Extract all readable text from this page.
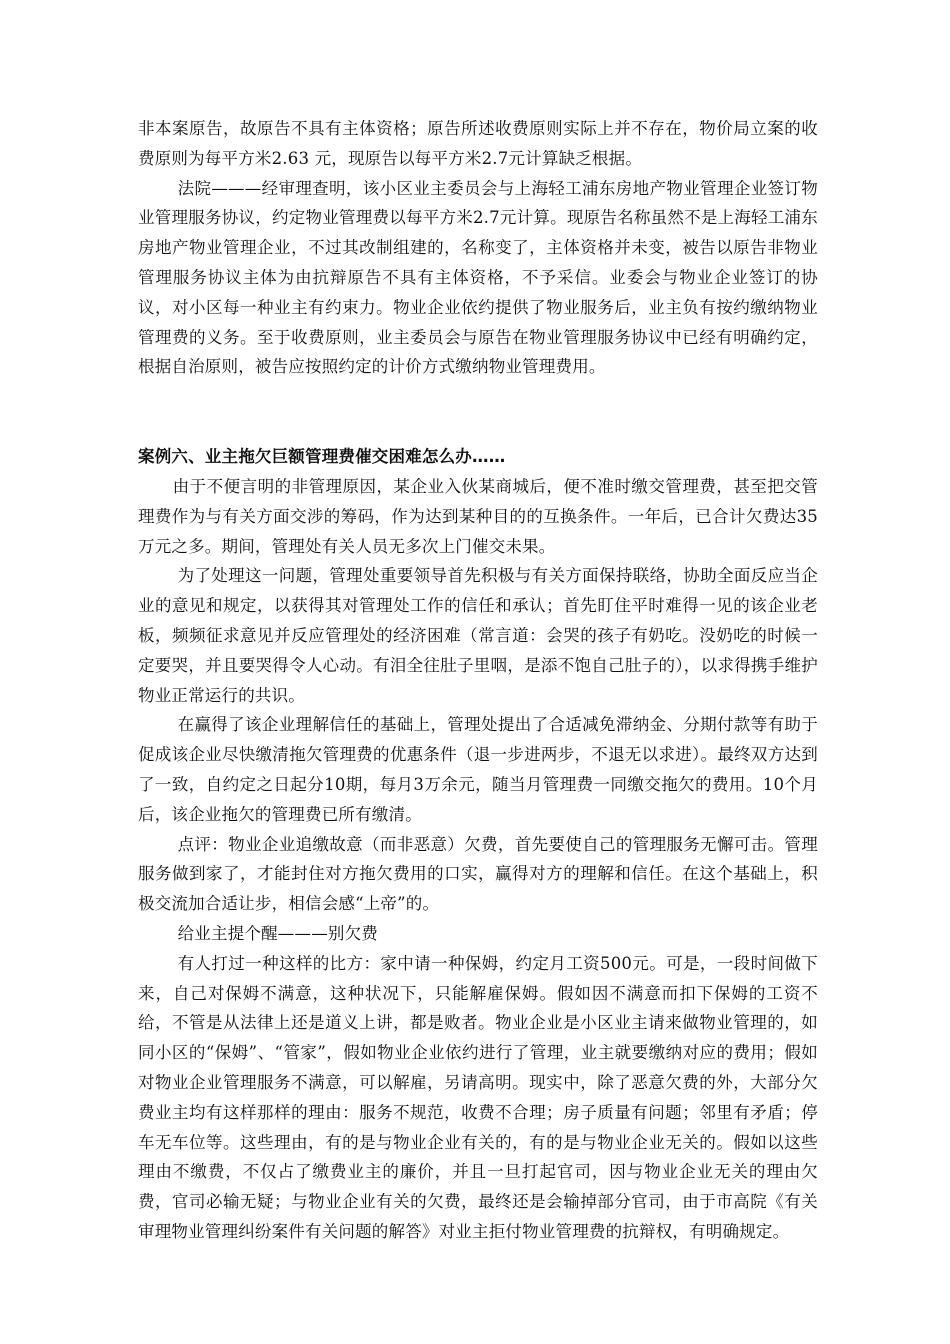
非本案原告，故原告不具有主体资格；原告所述收费原则实际上并不存在，物价局立案的收费原则为每平方米2.63 元，现原告以每平方米2.7元计算缺乏根据。

法院———经审理查明，该小区业主委员会与上海轻工浦东房地产物业管理企业签订物业管理服务协议，约定物业管理费以每平方米2.7元计算。现原告名称虽然不是上海轻工浦东房地产物业管理企业，不过其改制组建的，名称变了，主体资格并未变，被告以原告非物业管理服务协议主体为由抗辩原告不具有主体资格，不予采信。业委会与物业企业签订的协议，对小区每一种业主有约束力。物业企业依约提供了物业服务后，业主负有按约缴纳物业管理费的义务。至于收费原则，业主委员会与原告在物业管理服务协议中已经有明确约定，根据自治原则，被告应按照约定的计价方式缴纳物业管理费用。

案例六、业主拖欠巨额管理费催交困难怎么办……

由于不便言明的非管理原因，某企业入伙某商城后，便不准时缴交管理费，甚至把交管理费作为与有关方面交涉的筹码，作为达到某种目的的互换条件。一年后，已合计欠费达35万元之多。期间，管理处有关人员无多次上门催交未果。

为了处理这一问题，管理处重要领导首先积极与有关方面保持联络，协助全面反应当企业的意见和规定，以获得其对管理处工作的信任和承认；首先盯住平时难得一见的该企业老板，频频征求意见并反应管理处的经济困难（常言道：会哭的孩子有奶吃。没奶吃的时候一定要哭，并且要哭得令人心动。有泪全往肚子里咽，是添不饱自己肚子的），以求得携手维护物业正常运行的共识。

在赢得了该企业理解信任的基础上，管理处提出了合适减免滞纳金、分期付款等有助于促成该企业尽快缴清拖欠管理费的优惠条件（退一步进两步，不退无以求进）。最终双方达到了一致，自约定之日起分10期，每月3万余元，随当月管理费一同缴交拖欠的费用。10个月后，该企业拖欠的管理费已所有缴清。

点评：物业企业追缴故意（而非恶意）欠费，首先要使自己的管理服务无懈可击。管理服务做到家了，才能封住对方拖欠费用的口实，赢得对方的理解和信任。在这个基础上，积极交流加合适让步，相信会感“上帝”的。

给业主提个醒———别欠费

有人打过一种这样的比方：家中请一种保姆，约定月工资500元。可是，一段时间做下来，自己对保姆不满意，这种状况下，只能解雇保姆。假如因不满意而扣下保姆的工资不给，不管是从法律上还是道义上讲，都是败者。物业企业是小区业主请来做物业管理的，如同小区的“保姆”、“管家”，假如物业企业依约进行了管理，业主就要缴纳对应的费用；假如对物业企业管理服务不满意，可以解雇，另请高明。现实中，除了恶意欠费的外，大部分欠费业主均有这样那样的理由：服务不规范，收费不合理；房子质量有问题；邻里有矛盾；停车无车位等。这些理由，有的是与物业企业有关的，有的是与物业企业无关的。假如以这些理由不缴费，不仅占了缴费业主的廉价，并且一旦打起官司，因与物业企业无关的理由欠费，官司必输无疑；与物业企业有关的欠费，最终还是会输掉部分官司，由于市高院《有关审理物业管理纠纷案件有关问题的解答》对业主拒付物业管理费的抗辩权，有明确规定。
